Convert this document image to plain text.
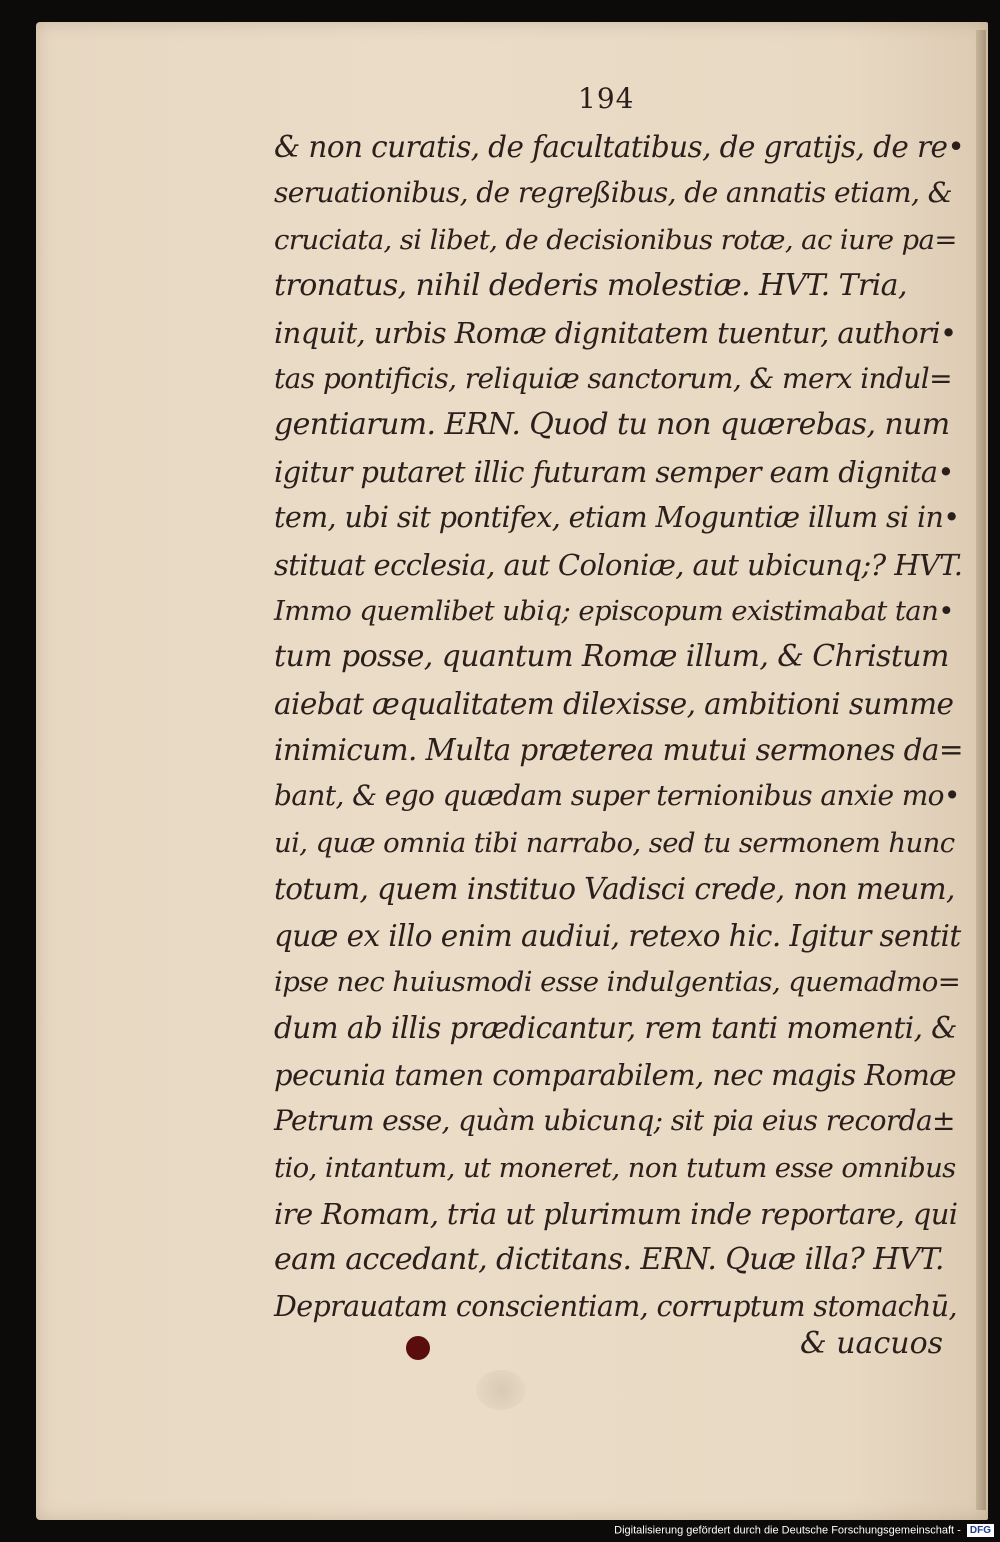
194
& non curatis, de facultatibus, de gratijs, de re•
seruationibus, de regreßibus, de annatis etiam, &
cruciata, si libet, de decisionibus rotæ, ac iure pa=
tronatus, nihil dederis molestiæ. HVT. Tria,
inquit, urbis Romæ dignitatem tuentur, authori•
tas pontificis, reliquiæ sanctorum, & merx indul=
gentiarum. ERN. Quod tu non quærebas, num
igitur putaret illic futuram semper eam dignita•
tem, ubi sit pontifex, etiam Moguntiæ illum si in•
stituat ecclesia, aut Coloniæ, aut ubicunq;? HVT.
Immo quemlibet ubiq; episcopum existimabat tan•
tum posse, quantum Romæ illum, & Christum
aiebat æqualitatem dilexisse, ambitioni summe
inimicum. Multa præterea mutui sermones da=
bant, & ego quædam super ternionibus anxie mo•
ui, quæ omnia tibi narrabo, sed tu sermonem hunc
totum, quem instituo Vadisci crede, non meum,
quæ ex illo enim audiui, retexo hic. Igitur sentit
ipse nec huiusmodi esse indulgentias, quemadmo=
dum ab illis prædicantur, rem tanti momenti, &
pecunia tamen comparabilem, nec magis Romæ
Petrum esse, quàm ubicunq; sit pia eius recorda±
tio, intantum, ut moneret, non tutum esse omnibus
ire Romam, tria ut plurimum inde reportare, qui
eam accedant, dictitans. ERN. Quæ illa? HVT.
Deprauatam conscientiam, corruptum stomachū,
& uacuos
Digitalisierung gefördert durch die Deutsche Forschungsgemeinschaft - DFG
